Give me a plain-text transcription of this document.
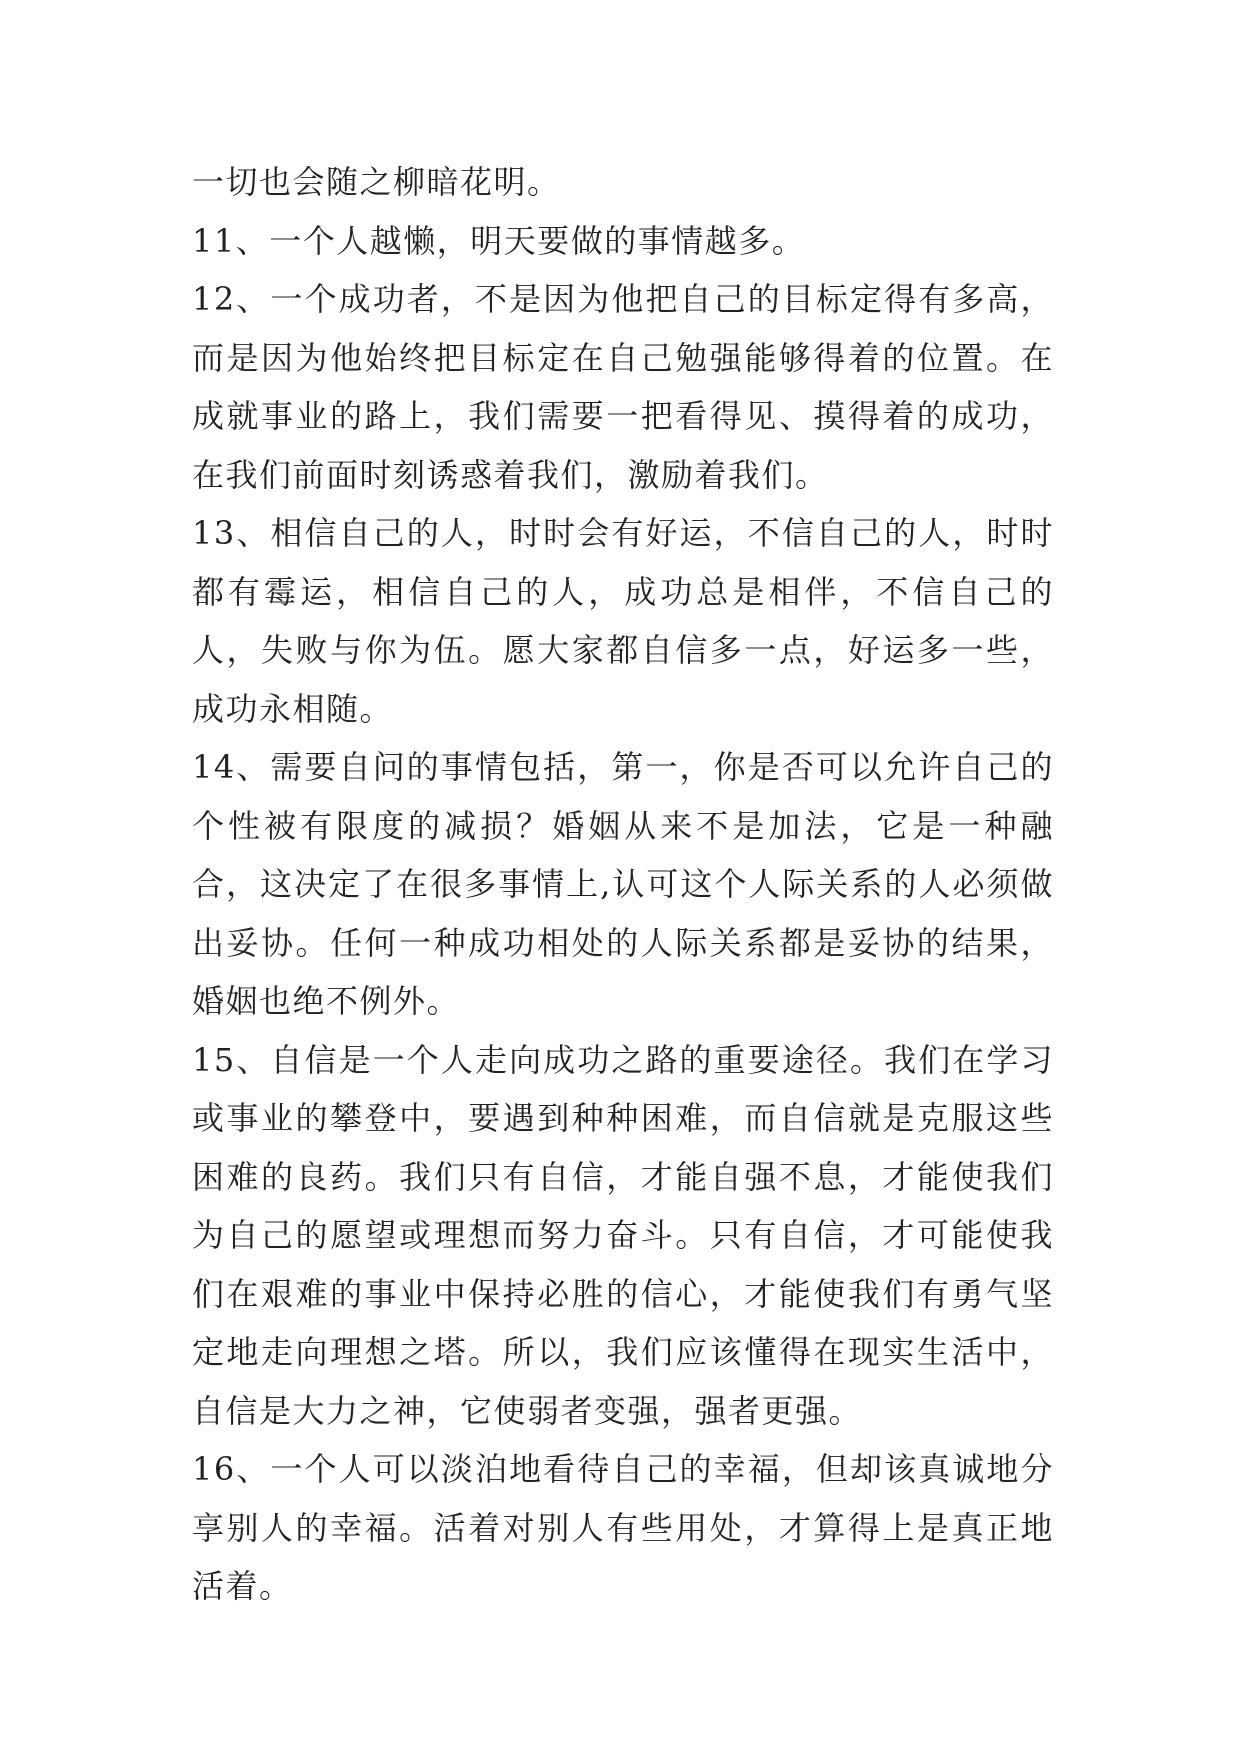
一切也会随之柳暗花明。

11、一个人越懒，明天要做的事情越多。

12、一个成功者，不是因为他把自己的目标定得有多高，而是因为他始终把目标定在自己勉强能够得着的位置。在成就事业的路上，我们需要一把看得见、摸得着的成功，在我们前面时刻诱惑着我们，激励着我们。

13、相信自己的人，时时会有好运，不信自己的人，时时都有霉运，相信自己的人，成功总是相伴，不信自己的人，失败与你为伍。愿大家都自信多一点，好运多一些，成功永相随。

14、需要自问的事情包括，第一，你是否可以允许自己的个性被有限度的减损？婚姻从来不是加法，它是一种融合，这决定了在很多事情上,认可这个人际关系的人必须做出妥协。任何一种成功相处的人际关系都是妥协的结果，婚姻也绝不例外。

15、自信是一个人走向成功之路的重要途径。我们在学习或事业的攀登中，要遇到种种困难，而自信就是克服这些困难的良药。我们只有自信，才能自强不息，才能使我们为自己的愿望或理想而努力奋斗。只有自信，才可能使我们在艰难的事业中保持必胜的信心，才能使我们有勇气坚定地走向理想之塔。所以，我们应该懂得在现实生活中，自信是大力之神，它使弱者变强，强者更强。

16、一个人可以淡泊地看待自己的幸福，但却该真诚地分享别人的幸福。活着对别人有些用处，才算得上是真正地活着。
